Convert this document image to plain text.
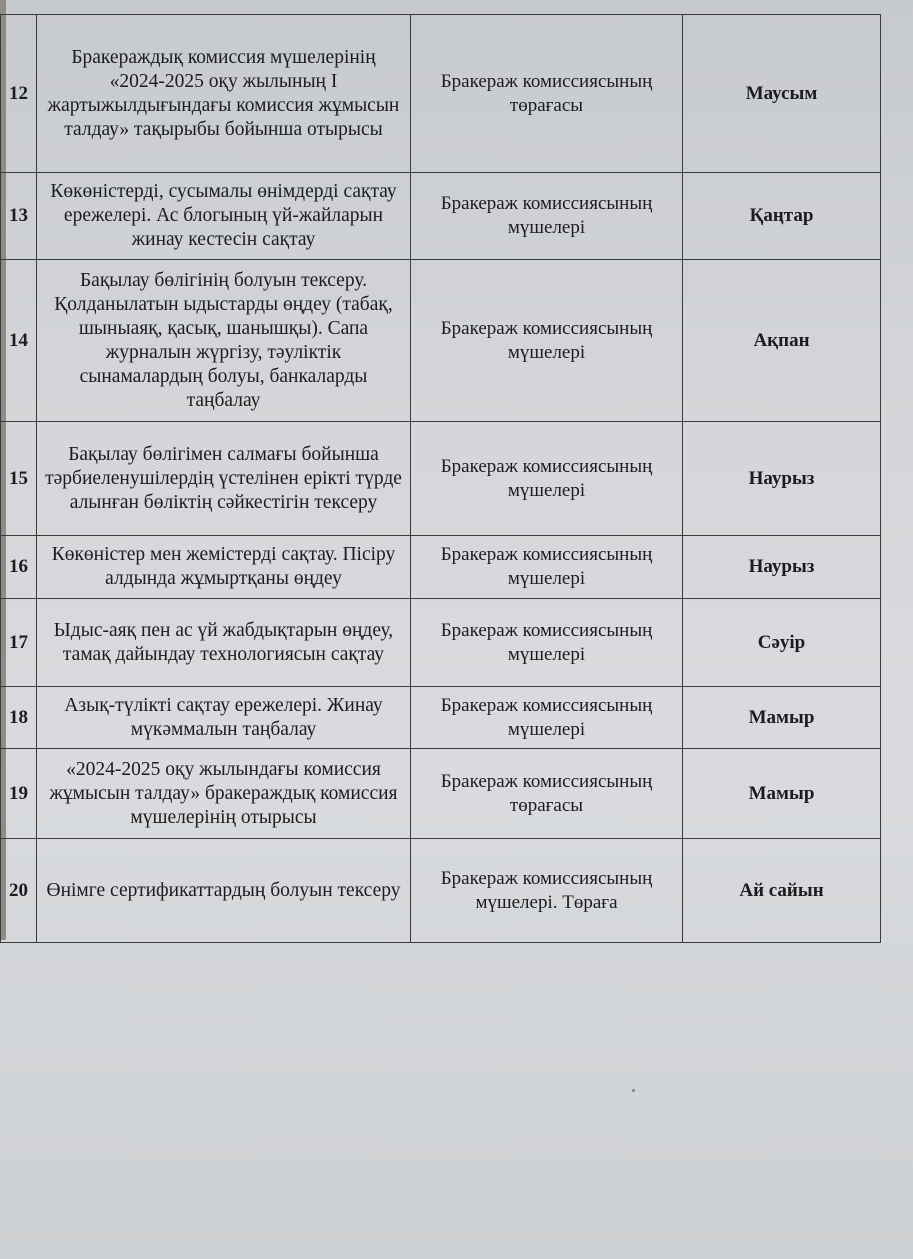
12	Бракераждық комиссия мүшелерінің «2024-2025 оқу жылының I жартыжылдығындағы комиссия жұмысын талдау» тақырыбы бойынша отырысы	Бракераж комиссиясының төрағасы	Маусым
13	Көкөністерді, сусымалы өнімдерді сақтау ережелері. Ас блогының үй-жайларын жинау кестесін сақтау	Бракераж комиссиясының мүшелері	Қаңтар
14	Бақылау бөлігінің болуын тексеру. Қолданылатын ыдыстарды өңдеу (табақ, шыныаяқ, қасық, шанышқы). Сапа журналын жүргізу, тәуліктік сынамалардың болуы, банкаларды таңбалау	Бракераж комиссиясының мүшелері	Ақпан
15	Бақылау бөлігімен салмағы бойынша тәрбиеленушілердің үстелінен ерікті түрде алынған бөліктің сәйкестігін тексеру	Бракераж комиссиясының мүшелері	Наурыз
16	Көкөністер мен жемістерді сақтау. Пісіру алдында жұмыртқаны өңдеу	Бракераж комиссиясының мүшелері	Наурыз
17	Ыдыс-аяқ пен ас үй жабдықтарын өңдеу, тамақ дайындау технологиясын сақтау	Бракераж комиссиясының мүшелері	Сәуір
18	Азық-түлікті сақтау ережелері. Жинау мүкәммалын таңбалау	Бракераж комиссиясының мүшелері	Мамыр
19	«2024-2025 оқу жылындағы комиссия жұмысын талдау» бракераждық комиссия мүшелерінің отырысы	Бракераж комиссиясының төрағасы	Мамыр
20	Өнімге сертификаттардың болуын тексеру	Бракераж комиссиясының мүшелері. Төраға	Ай сайын
